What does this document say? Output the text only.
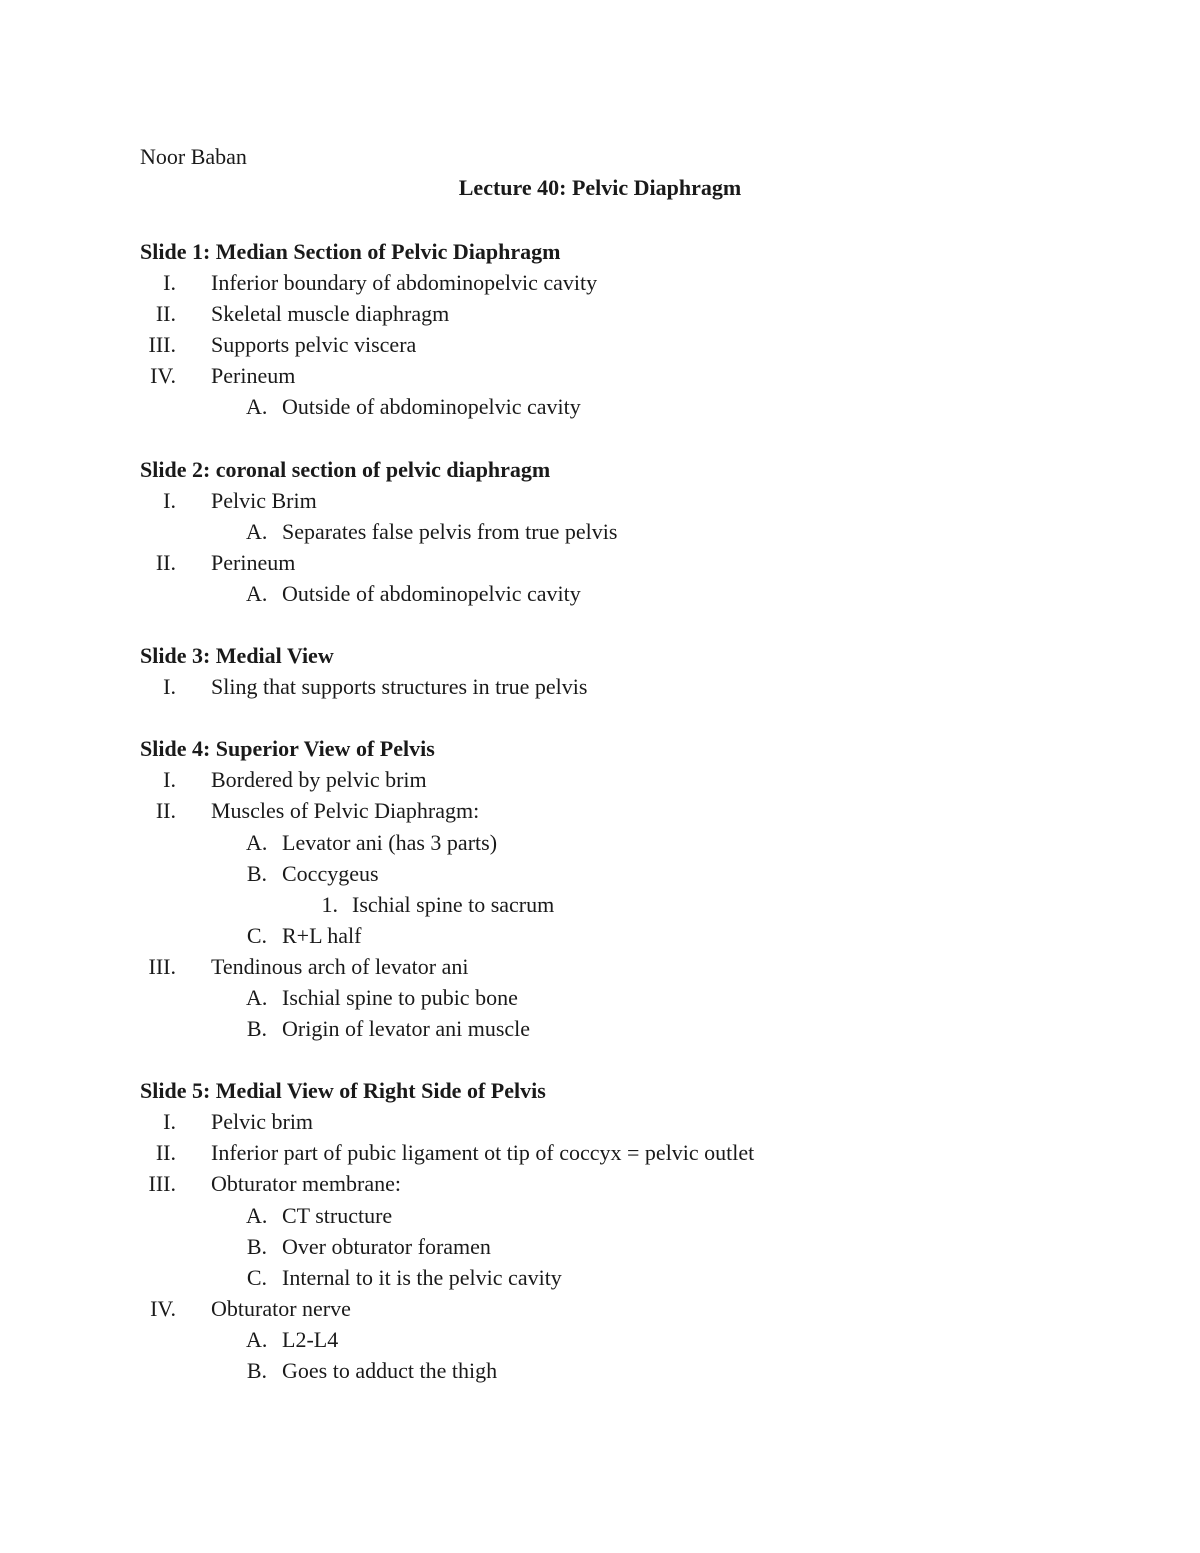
Noor Baban
Lecture 40: Pelvic Diaphragm
Slide 1: Median Section of Pelvic Diaphragm
I. Inferior boundary of abdominopelvic cavity
II. Skeletal muscle diaphragm
III. Supports pelvic viscera
IV. Perineum
A. Outside of abdominopelvic cavity
Slide 2: coronal section of pelvic diaphragm
I. Pelvic Brim
A. Separates false pelvis from true pelvis
II. Perineum
A. Outside of abdominopelvic cavity
Slide 3: Medial View
I. Sling that supports structures in true pelvis
Slide 4: Superior View of Pelvis
I. Bordered by pelvic brim
II. Muscles of Pelvic Diaphragm:
A. Levator ani (has 3 parts)
B. Coccygeus
1. Ischial spine to sacrum
C. R+L half
III. Tendinous arch of levator ani
A. Ischial spine to pubic bone
B. Origin of levator ani muscle
Slide 5: Medial View of Right Side of Pelvis
I. Pelvic brim
II. Inferior part of pubic ligament ot tip of coccyx = pelvic outlet
III. Obturator membrane:
A. CT structure
B. Over obturator foramen
C. Internal to it is the pelvic cavity
IV. Obturator nerve
A. L2-L4
B. Goes to adduct the thigh
